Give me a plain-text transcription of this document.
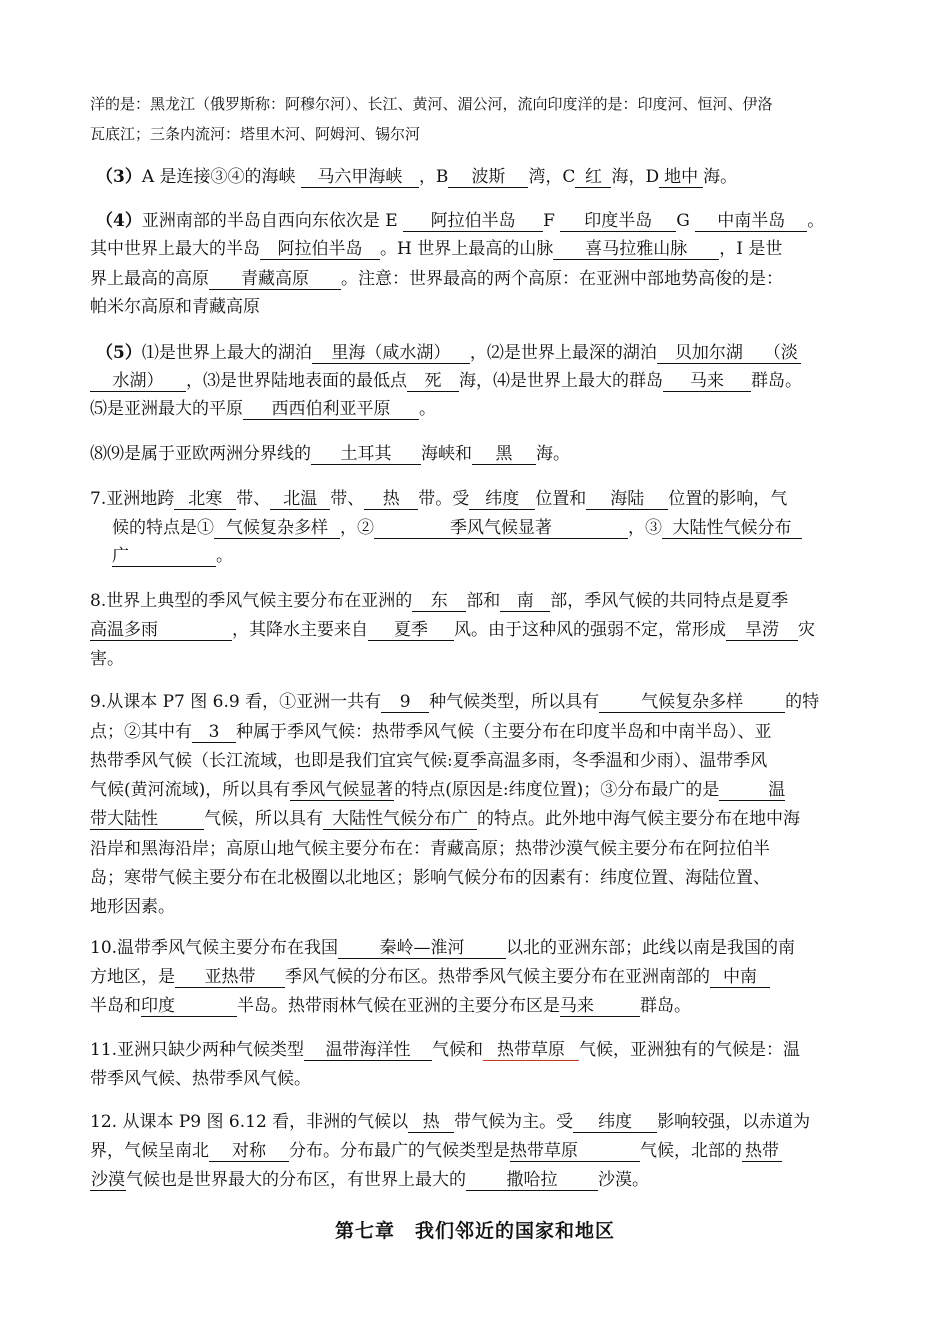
洋的是：黑龙江（俄罗斯称：阿穆尔河）、长江、黄河、湄公河，流向印度洋的是：印度河、恒河、伊洛
瓦底江；三条内流河：塔里木河、阿姆河、锡尔河
（3）A 是连接③④的海峡 马六甲海峡 ，B 波斯 湾，C 红 海，D 地中 海。
（4）亚洲南部的半岛自西向东依次是 E 阿拉伯半岛 F 印度半岛 G 中南半岛 。
其中世界上最大的半岛 阿拉伯半岛 。H 世界上最高的山脉 喜马拉雅山脉 ，I 是世
界上最高的高原 青藏高原 。注意：世界最高的两个高原：在亚洲中部地势高俊的是：
帕米尔高原和青藏高原
（5）⑴是世界上最大的湖泊 里海（咸水湖） ，⑵是世界上最深的湖泊 贝加尔湖 （淡
水湖） ，⑶是世界陆地表面的最低点 死 海，⑷是世界上最大的群岛 马来 群岛。
⑸是亚洲最大的平原 西西伯利亚平原 。
⑻⑼是属于亚欧两洲分界线的 土耳其 海峡和 黑 海。
7.亚洲地跨 北寒 带、 北温 带、 热 带。受 纬度 位置和 海陆 位置的影响，气
候的特点是① 气候复杂多样 ，②	季风气候显著	，③ 大陆性气候分布
广	。
8.世界上典型的季风气候主要分布在亚洲的 东 部和 南 部，季风气候的共同特点是夏季
高温多雨	，其降水主要来自 夏季 风。由于这种风的强弱不定，常形成 旱涝 灾
害。
9.从课本 P7 图 6.9 看，①亚洲一共有 9 种气候类型，所以具有 气候复杂多样 的特
点；②其中有 3 种属于季风气候：热带季风气候（主要分布在印度半岛和中南半岛）、亚
热带季风气候（长江流域，也即是我们宜宾气候:夏季高温多雨，冬季温和少雨）、温带季风
气候(黄河流域)，所以具有季风气候显著的特点(原因是:纬度位置)；③分布最广的是	温
带大陆性	气候，所以具有 大陆性气候分布广 的特点。此外地中海气候主要分布在地中海
沿岸和黑海沿岸；高原山地气候主要分布在：青藏高原；热带沙漠气候主要分布在阿拉伯半
岛；寒带气候主要分布在北极圈以北地区；影响气候分布的因素有：纬度位置、海陆位置、
地形因素。
10.温带季风气候主要分布在我国 秦岭—淮河 以北的亚洲东部；此线以南是我国的南
方地区，是 亚热带 季风气候的分布区。热带季风气候主要分布在亚洲南部的 中南
半岛和印度	半岛。热带雨林气候在亚洲的主要分布区是马来	群岛。
11.亚洲只缺少两种气候类型 温带海洋性 气候和 热带草原 气候，亚洲独有的气候是：温
带季风气候、热带季风气候。
12. 从课本 P9 图 6.12 看，非洲的气候以 热 带气候为主。受 纬度 影响较强，以赤道为
界，气候呈南北 对称 分布。分布最广的气候类型是热带草原	气候，北部的 热带
沙漠气候也是世界最大的分布区，有世界上最大的 撒哈拉 沙漠。
第七章　我们邻近的国家和地区
